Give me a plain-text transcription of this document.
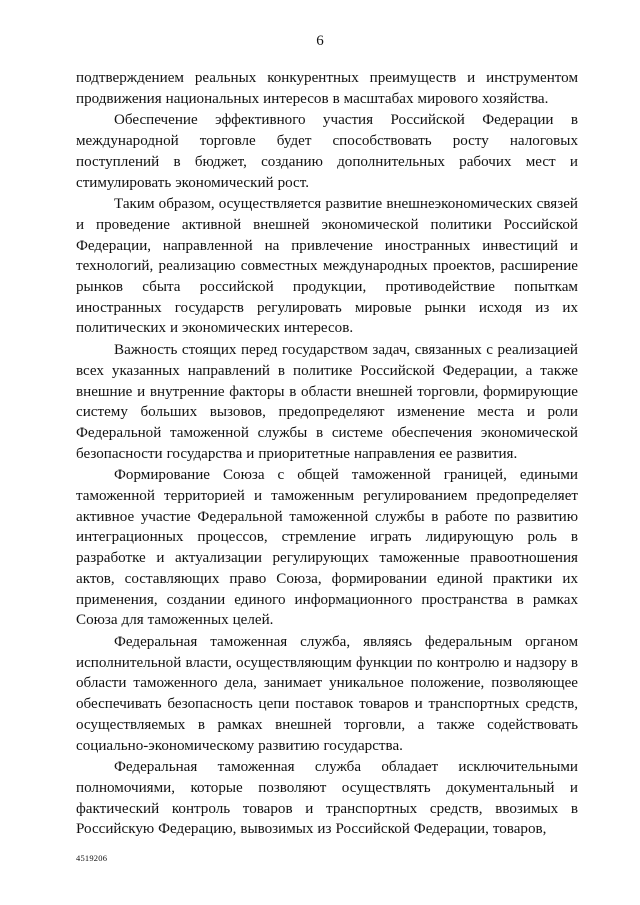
6

подтверждением реальных конкурентных преимуществ и инструментом продвижения национальных интересов в масштабах мирового хозяйства.

Обеспечение эффективного участия Российской Федерации в международной торговле будет способствовать росту налоговых поступлений в бюджет, созданию дополнительных рабочих мест и стимулировать экономический рост.

Таким образом, осуществляется развитие внешнеэкономических связей и проведение активной внешней экономической политики Российской Федерации, направленной на привлечение иностранных инвестиций и технологий, реализацию совместных международных проектов, расширение рынков сбыта российской продукции, противодействие попыткам иностранных государств регулировать мировые рынки исходя из их политических и экономических интересов.

Важность стоящих перед государством задач, связанных с реализацией всех указанных направлений в политике Российской Федерации, а также внешние и внутренние факторы в области внешней торговли, формирующие систему больших вызовов, предопределяют изменение места и роли Федеральной таможенной службы в системе обеспечения экономической безопасности государства и приоритетные направления ее развития.

Формирование Союза с общей таможенной границей, едиными таможенной территорией и таможенным регулированием предопределяет активное участие Федеральной таможенной службы в работе по развитию интеграционных процессов, стремление играть лидирующую роль в разработке и актуализации регулирующих таможенные правоотношения актов, составляющих право Союза, формировании единой практики их применения, создании единого информационного пространства в рамках Союза для таможенных целей.

Федеральная таможенная служба, являясь федеральным органом исполнительной власти, осуществляющим функции по контролю и надзору в области таможенного дела, занимает уникальное положение, позволяющее обеспечивать безопасность цепи поставок товаров и транспортных средств, осуществляемых в рамках внешней торговли, а также содействовать социально-экономическому развитию государства.

Федеральная таможенная служба обладает исключительными полномочиями, которые позволяют осуществлять документальный и фактический контроль товаров и транспортных средств, ввозимых в Российскую Федерацию, вывозимых из Российской Федерации, товаров,

4519206
